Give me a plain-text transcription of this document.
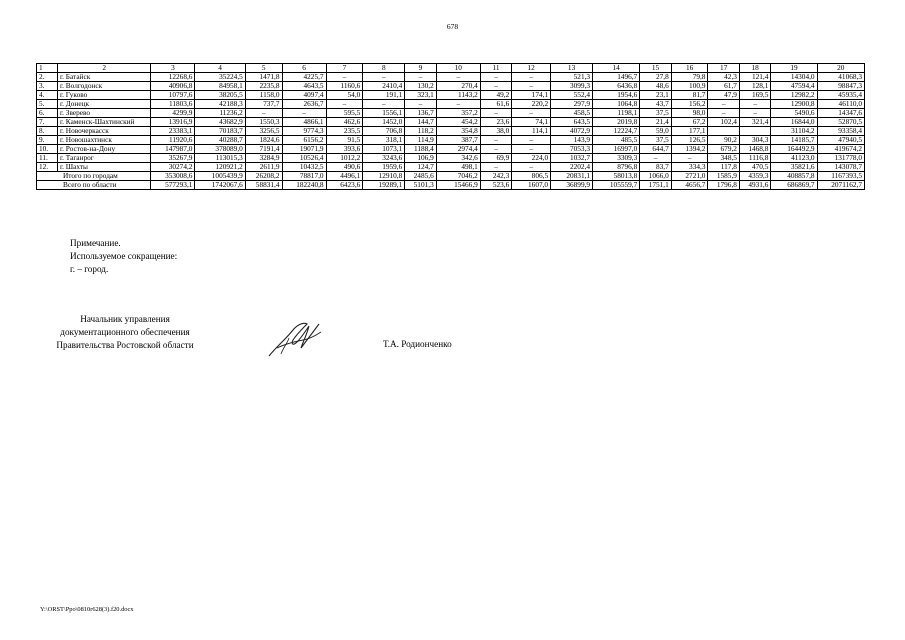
678
1	2	3	4	5	6	7	8	9	10	11	12	13	14	15	16	17	18	19	20
2.	г. Батайск	12268,6	35224,5	1471,8	4225,7	–	–	–	–	–	–	521,3	1496,7	27,8	79,8	42,3	121,4	14304,0	41068,3
3.	г. Волгодонск	40906,8	84958,1	2235,8	4643,5	1160,6	2410,4	130,2	270,4	–	–	3099,3	6436,8	48,6	100,9	61,7	128,1	47594,4	98847,3
4.	г. Гуково	10797,6	38205,5	1158,0	4097,4	54,0	191,1	323,1	1143,2	49,2	174,1	552,4	1954,6	23,1	81,7	47,9	169,5	12982,2	45935,4
5.	г. Донецк	11803,6	42188,3	737,7	2636,7	–	–	–	–	61,6	220,2	297,9	1064,8	43,7	156,2	–	–	12900,8	46110,0
6.	г. Зверево	4299,9	11236,2	–	–	595,5	1556,1	136,7	357,2	–	–	458,5	1198,1	37,5	98,0	–	–	5490,6	14347,6
7.	г. Каменск-Шахтинский	13916,9	43682,9	1550,3	4866,1	462,6	1452,0	144,7	454,2	23,6	74,1	643,5	2019,8	21,4	67,2	102,4	321,4	16844,0	52870,5
8.	г. Новочеркасск	23383,1	70183,7	3256,5	9774,3	235,5	706,8	118,2	354,8	38,0	114,1	4072,9	12224,7	59,0	177,1			31104,2	93358,4
9.	г. Новошахтинск	11920,6	40288,7	1824,6	6156,2	91,5	318,1	114,9	387,7	–	–	143,9	485,5	37,5	126,5	90,2	304,3	14185,7	47940,5
10.	г. Ростов-на-Дону	147987,0	378089,0	7191,4	19071,9	393,6	1073,1	1188,4	2974,4	–	–	7053,3	16997,0	644,7	1394,2	679,2	1468,8	164492,9	419674,2
11.	г. Таганрог	35267,9	113015,3	3284,9	10526,4	1012,2	3243,6	106,9	342,6	69,9	224,0	1032,7	3309,3	–	–	348,5	1116,8	41123,0	131778,0
12.	г. Шахты	30274,2	120921,2	2611,9	10432,5	490,6	1959,6	124,7	498,1	–	–	2202,4	8796,8	83,7	334,3	117,8	470,5	35821,6	143078,7
Итого по городам		353008,6	1005439,9	26208,2	78817,0	4496,1	12910,8	2485,6	7046,2	242,3	806,5	20831,1	58013,8	1066,0	2721,0	1585,9	4359,3	408857,8	1167393,5
Всего по области		577293,1	1742067,6	58831,4	182240,8	6423,6	19289,1	5101,3	15466,9	523,6	1607,0	36899,9	105559,7	1751,1	4656,7	1796,8	4931,6	686869,7	2071162,7
Примечание.
Используемое сокращение:
г. – город.
Начальник управления
документационного обеспечения
Правительства Ростовской области	Т.А. Родионченко
Y:\ORST\Ppo\0810r628(3).f20.docx
